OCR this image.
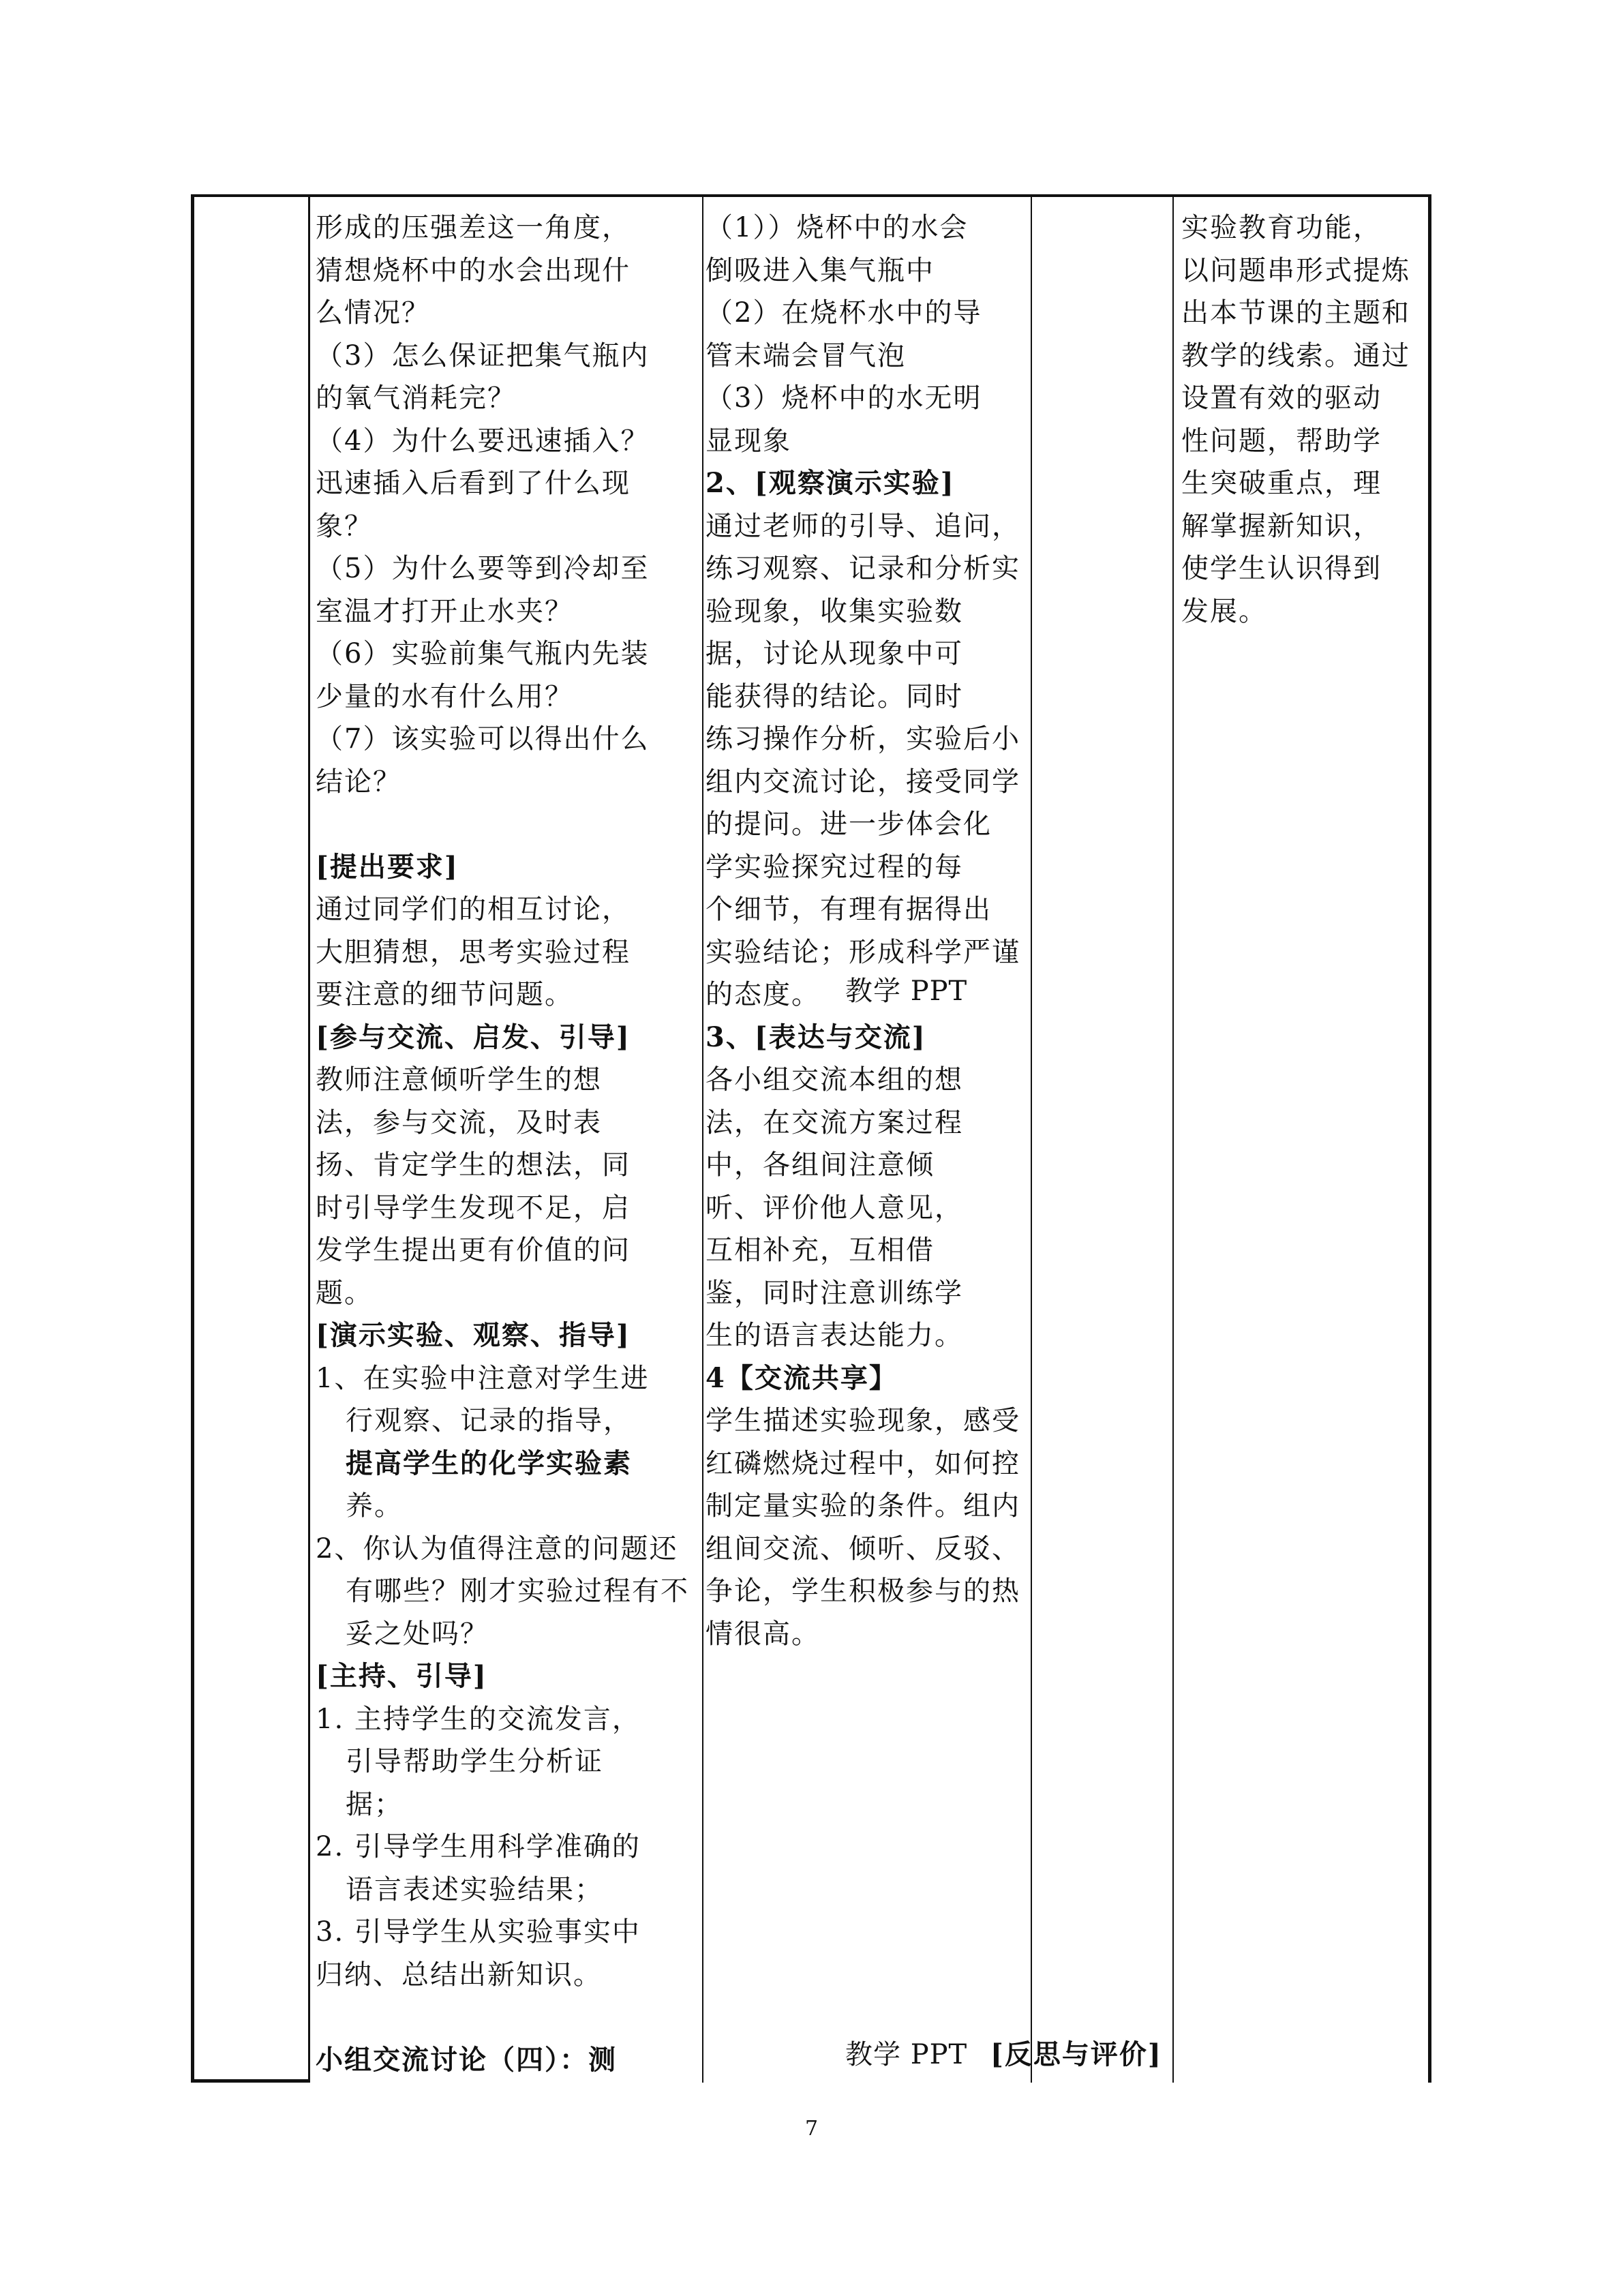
形成的压强差这一角度，
猜想烧杯中的水会出现什
么情况？
（3）怎么保证把集气瓶内
的氧气消耗完？
（4）为什么要迅速插入？
迅速插入后看到了什么现
象？
（5）为什么要等到冷却至
室温才打开止水夹？
（6）实验前集气瓶内先装
少量的水有什么用？
（7）该实验可以得出什么
结论？
[提出要求]
通过同学们的相互讨论，
大胆猜想，思考实验过程
要注意的细节问题。
[参与交流、启发、引导]
教师注意倾听学生的想
法，参与交流，及时表
扬、肯定学生的想法，同
时引导学生发现不足，启
发学生提出更有价值的问
题。
[演示实验、观察、指导]
1、在实验中注意对学生进
行观察、记录的指导，
提高学生的化学实验素
养。
2、你认为值得注意的问题还
有哪些？刚才实验过程有不
妥之处吗？
[主持、引导]
1. 主持学生的交流发言，
引导帮助学生分析证
据；
2. 引导学生用科学准确的
语言表述实验结果；
3. 引导学生从实验事实中
归纳、总结出新知识。
小组交流讨论（四）：测
（1））烧杯中的水会
倒吸进入集气瓶中
（2）在烧杯水中的导
管末端会冒气泡
（3）烧杯中的水无明
显现象
2、[观察演示实验]
通过老师的引导、追问，
练习观察、记录和分析实
验现象，收集实验数
据，讨论从现象中可
能获得的结论。同时
练习操作分析，实验后小
组内交流讨论，接受同学
的提问。进一步体会化
学实验探究过程的每
个细节，有理有据得出
实验结论；形成科学严谨
的态度。
3、[表达与交流]
各小组交流本组的想
法，在交流方案过程
中，各组间注意倾
听、评价他人意见，
互相补充，互相借
鉴，同时注意训练学
生的语言表达能力。
4【交流共享】
学生描述实验现象，感受
红磷燃烧过程中，如何控
制定量实验的条件。组内
组间交流、倾听、反驳、
争论，学生积极参与的热
情很高。
实验教育功能，
以问题串形式提炼
出本节课的主题和
教学的线索。通过
设置有效的驱动
性问题，帮助学
生突破重点，理
解掌握新知识，
使学生认识得到
发展。
教学 PPT
教学 PPT [反思与评价]
7
